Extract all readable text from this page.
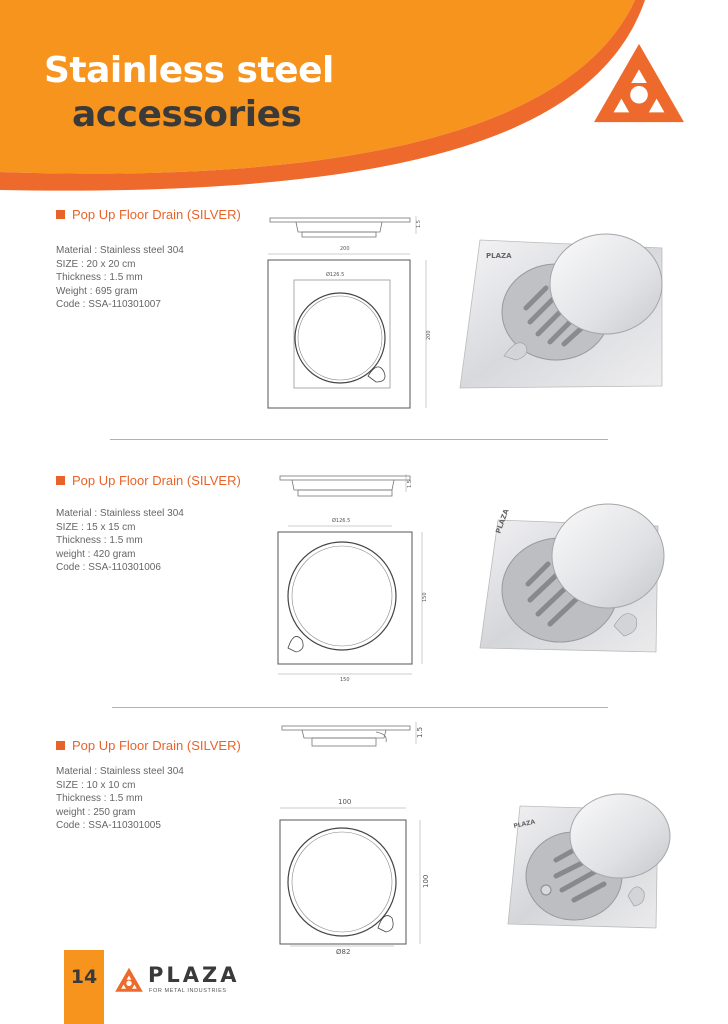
Stainless steel
accessories
Pop Up Floor Drain (SILVER)
Material : Stainless steel 304
SIZE : 20 x 20 cm
Thickness : 1.5 mm
Weight : 695 gram
Code : SSA-110301007
1.5
200
Ø126.5
200
PLAZA
Pop Up Floor Drain (SILVER)
Material : Stainless steel 304
SIZE : 15 x 15 cm
Thickness : 1.5 mm
weight : 420 gram
Code : SSA-110301006
1.5
Ø126.5
150
150
PLAZA
Pop Up Floor Drain (SILVER)
Material : Stainless steel 304
SIZE : 10 x 10 cm
Thickness : 1.5 mm
weight : 250 gram
Code : SSA-110301005
1.5
100
100
Ø82
PLAZA
14	PLAZA
FOR METAL INDUSTRIES
